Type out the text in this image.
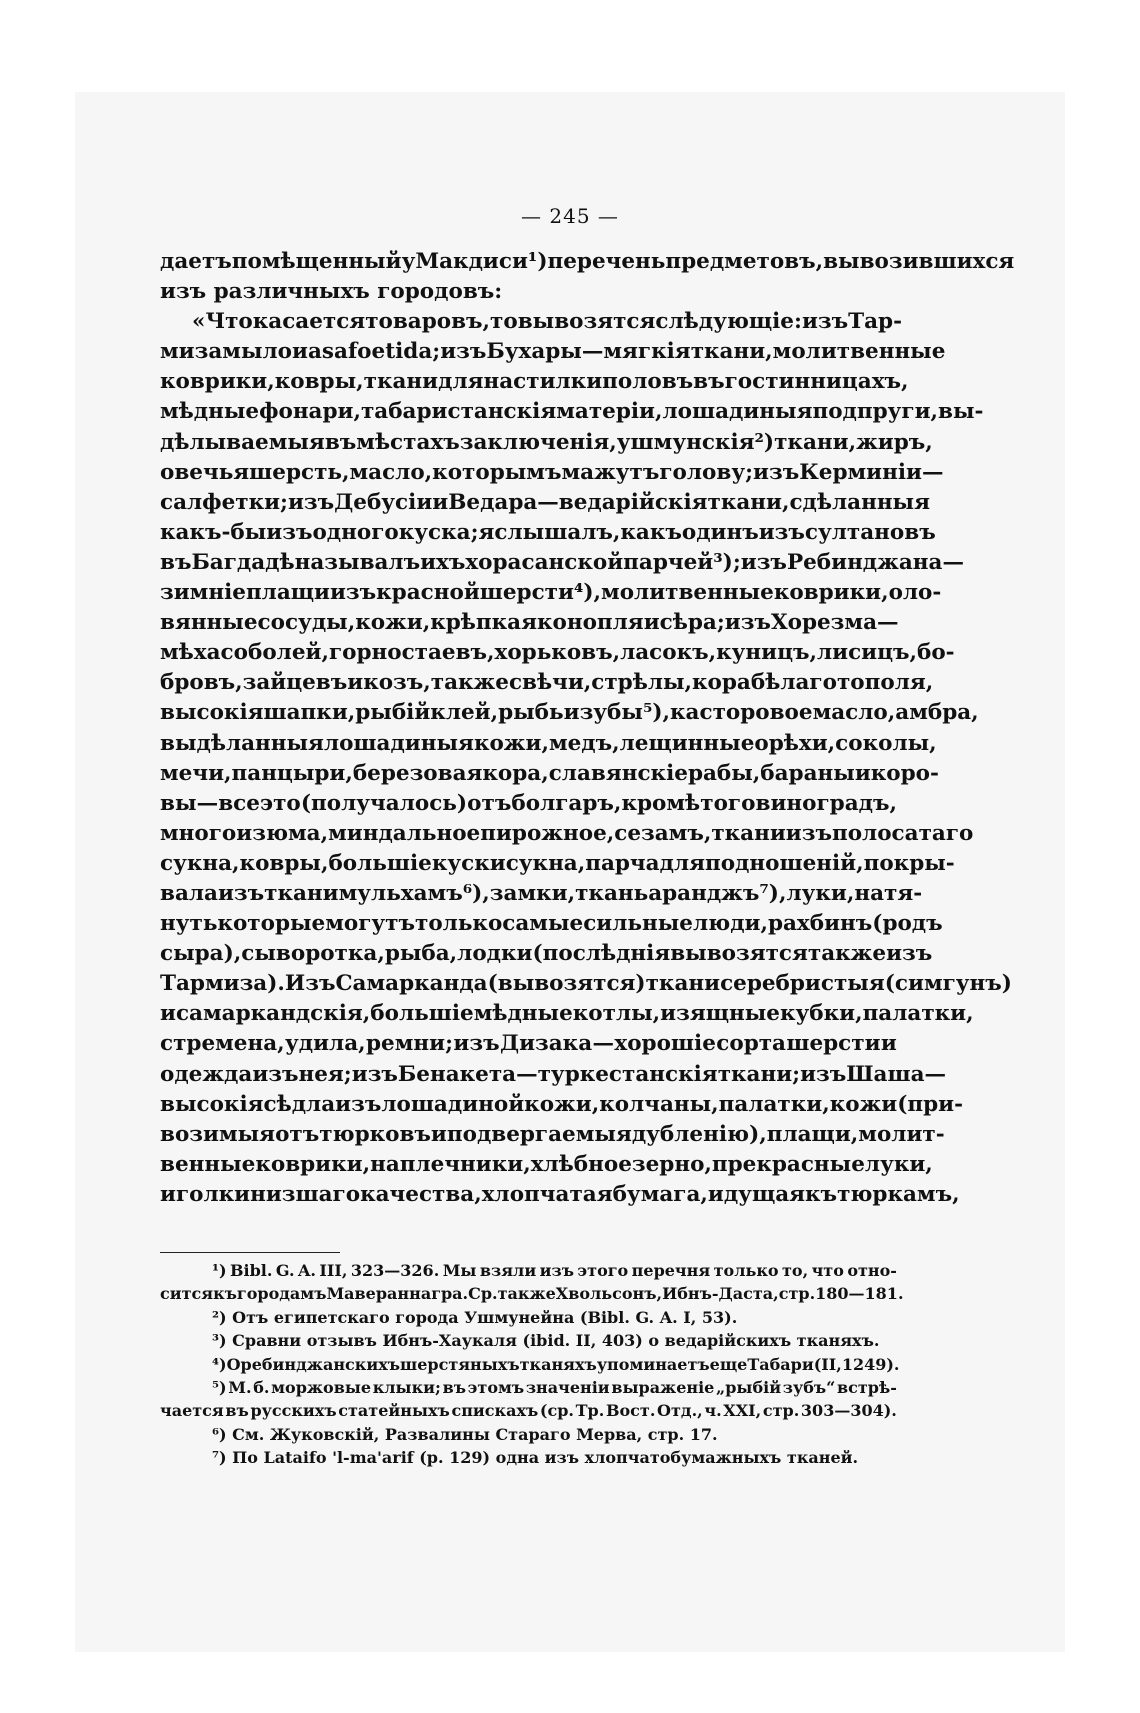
— 245 —
даетъ помѣщенный у Макдиси ¹) перечень предметовъ, вывозившихся
изъ различныхъ городовъ:
«Что касается товаровъ, то вывозятся слѣдующіе: изъ Тар-
миза мыло и asa foetida; изъ Бухары — мягкія ткани, молитвенные
коврики, ковры, ткани для настилки половъ въ гостинницахъ,
мѣдные фонари, табаристанскія матеріи, лошадиныя подпруги, вы-
дѣлываемыя въ мѣстахъ заключенія, ушмунскія ²) ткани, жиръ,
овечья шерсть, масло, которымъ мажутъ голову; изъ Керминіи —
салфетки; изъ Дебусіи и Ведара — ведарійскія ткани, сдѣланныя
какъ-бы изъ одного куска; я слышалъ, какъ одинъ изъ султановъ
въ Багдадѣ называлъ ихъ хорасанской парчей ³); изъ Ребинджана —
зимніе плащи изъ красной шерсти ⁴), молитвенные коврики, оло-
вянные сосуды, кожи, крѣпкая конопля и сѣра; изъ Хорезма —
мѣха соболей, горностаевъ, хорьковъ, ласокъ, куницъ, лисицъ, бо-
бровъ, зайцевъ и козъ, также свѣчи, стрѣлы, кора бѣлаго тополя,
высокія шапки, рыбій клей, рыбьи зубы ⁵), касторовое масло, амбра,
выдѣланныя лошадиныя кожи, медъ, лещинные орѣхи, соколы,
мечи, панцыри, березовая кора, славянскіе рабы, бараны и коро-
вы — все это (получалось) отъ болгаръ, кромѣ того виноградъ,
много изюма, миндальное пирожное, сезамъ, ткани изъ полосатаго
сукна, ковры, большіе куски сукна, парча для подношеній, покры-
вала изъ ткани мульхамъ ⁶), замки, ткань аранджъ ⁷), луки, натя-
нуть которые могутъ только самые сильные люди, рахбинъ (родъ
сыра), сыворотка, рыба, лодки (послѣднія вывозятся также изъ
Тармиза). Изъ Самарканда (вывозятся) ткани серебристыя (симгунъ)
и самаркандскія, большіе мѣдные котлы, изящные кубки, палатки,
стремена, удила, ремни; изъ Дизака — хорошіе сорта шерсти и
одежда изъ нея; изъ Бенакета — туркестанскія ткани; изъ Шаша —
высокія сѣдла изъ лошадиной кожи, колчаны, палатки, кожи (при-
возимыя отъ тюрковъ и подвергаемыя дубленію), плащи, молит-
венные коврики, наплечники, хлѣбное зерно, прекрасные луки,
иголки низшаго качества, хлопчатая бумага, идущая къ тюркамъ,
¹) Bibl. G. A. III, 323—326. Мы взяли изъ этого перечня только то, что отно-
сится къ городамъ Мавераннагра. Ср. также Хвольсонъ, Ибнъ-Даста, стр. 180—181.
²) Отъ египетскаго города Ушмунейна (Bibl. G. A. I, 53).
³) Сравни отзывъ Ибнъ-Хаукаля (ibid. II, 403) о ведарійскихъ тканяхъ.
⁴) О ребинджанскихъ шерстяныхъ тканяхъ упоминаетъ еще Табари (II, 1249).
⁵) М. б. моржовые клыки; въ этомъ значеніи выраженіе „рыбій зубъ“ встрѣ-
чается въ русскихъ статейныхъ спискахъ (ср. Тр. Вост. Отд., ч. XXI, стр. 303—304).
⁶) См. Жуковскій, Развалины Стараго Мерва, стр. 17.
⁷) По Lataifo 'l-ma'arif (p. 129) одна изъ хлопчатобумажныхъ тканей.
